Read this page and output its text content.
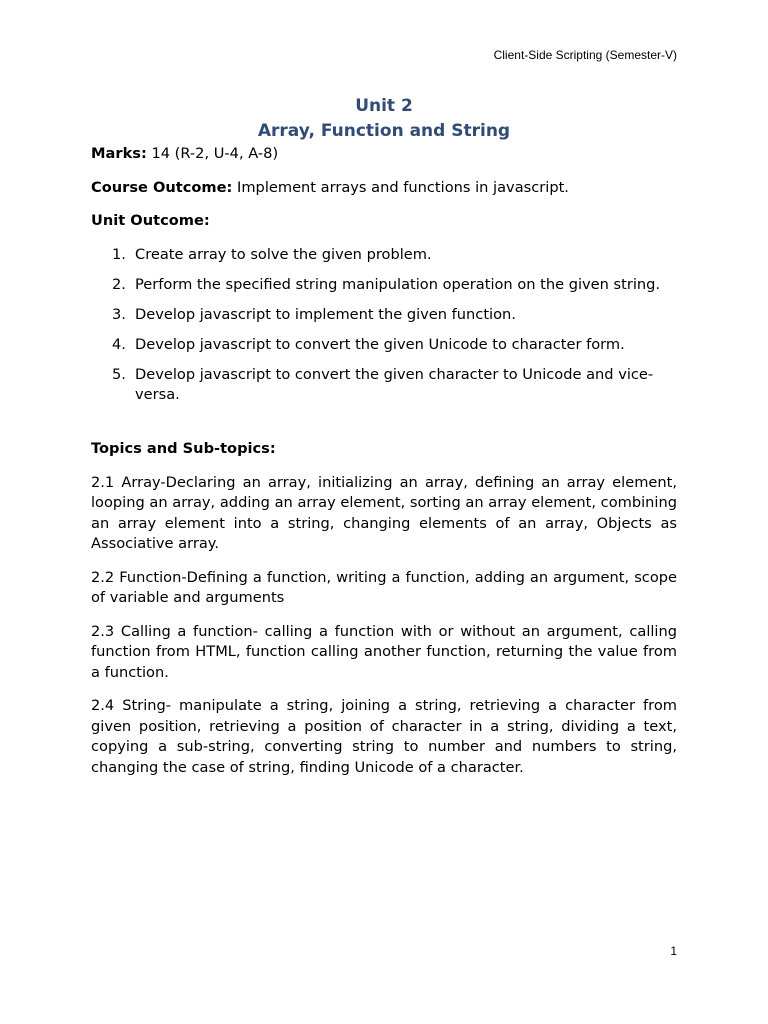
Client-Side Scripting (Semester-V)
Unit 2
Array, Function and String

Marks: 14 (R-2, U-4, A-8)

Course Outcome: Implement arrays and functions in javascript.

Unit Outcome:

1. Create array to solve the given problem.
2. Perform the specified string manipulation operation on the given string.
3. Develop javascript to implement the given function.
4. Develop javascript to convert the given Unicode to character form.
5. Develop javascript to convert the given character to Unicode and vice-versa.

Topics and Sub-topics:

2.1 Array-Declaring an array, initializing an array, defining an array element, looping an array, adding an array element, sorting an array element, combining an array element into a string, changing elements of an array, Objects as Associative array.

2.2 Function-Defining a function, writing a function, adding an argument, scope of variable and arguments

2.3 Calling a function- calling a function with or without an argument, calling function from HTML, function calling another function, returning the value from a function.

2.4 String- manipulate a string, joining a string, retrieving a character from given position, retrieving a position of character in a string, dividing a text, copying a sub-string, converting string to number and numbers to string, changing the case of string, finding Unicode of a character.

1
